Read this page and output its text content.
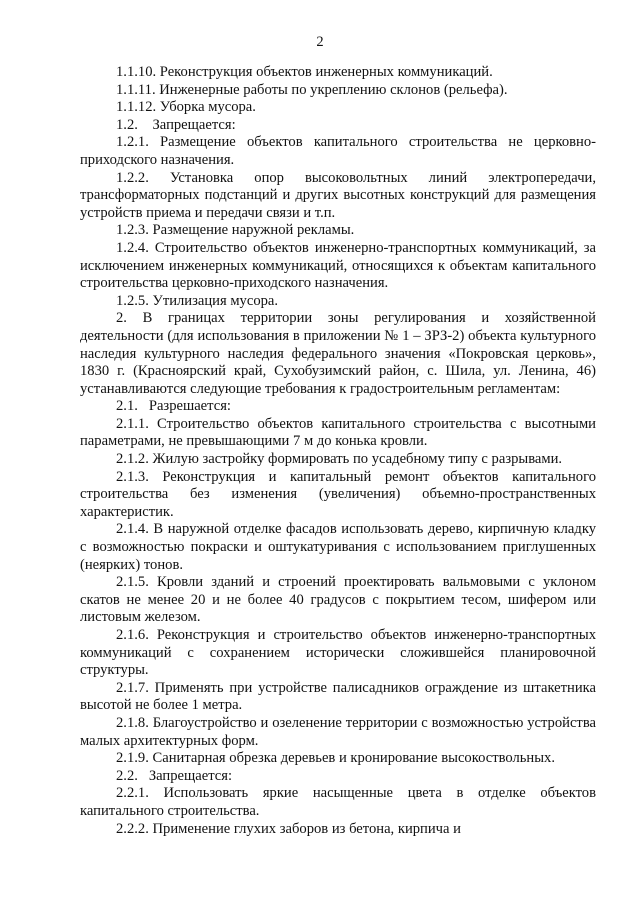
2

1.1.10. Реконструкция объектов инженерных коммуникаций.

1.1.11. Инженерные работы по укреплению склонов (рельефа).

1.1.12. Уборка мусора.

1.2.    Запрещается:

1.2.1. Размещение объектов капитального строительства не церковно-приходского назначения.

1.2.2. Установка опор высоковольтных линий электропередачи, трансформаторных подстанций и других высотных конструкций для размещения устройств приема и передачи связи и т.п.

1.2.3. Размещение наружной рекламы.

1.2.4. Строительство объектов инженерно-транспортных коммуникаций, за исключением инженерных коммуникаций, относящихся к объектам капитального строительства церковно-приходского назначения.

1.2.5. Утилизация мусора.

2. В границах территории зоны регулирования и хозяйственной деятельности (для использования в приложении № 1 – ЗРЗ-2) объекта культурного наследия культурного наследия федерального значения «Покровская церковь», 1830 г. (Красноярский край, Сухобузимский район, с. Шила, ул. Ленина, 46) устанавливаются следующие требования к градостроительным регламентам:

2.1.   Разрешается:

2.1.1. Строительство объектов капитального строительства с высотными параметрами, не превышающими 7 м до конька кровли.

2.1.2. Жилую застройку формировать по усадебному типу с разрывами.

2.1.3. Реконструкция и капитальный ремонт объектов капитального строительства без изменения (увеличения) объемно-пространственных характеристик.

2.1.4. В наружной отделке фасадов использовать дерево, кирпичную кладку с возможностью покраски и оштукатуривания с использованием приглушенных (неярких) тонов.

2.1.5. Кровли зданий и строений проектировать вальмовыми с уклоном скатов не менее 20 и не более 40 градусов с покрытием тесом, шифером или листовым железом.

2.1.6. Реконструкция и строительство объектов инженерно-транспортных коммуникаций с сохранением исторически сложившейся планировочной структуры.

2.1.7. Применять при устройстве палисадников ограждение из штакетника высотой не более 1 метра.

2.1.8. Благоустройство и озеленение территории с возможностью устройства малых архитектурных форм.

2.1.9. Санитарная обрезка деревьев и кронирование высокоствольных.

2.2.   Запрещается:

2.2.1. Использовать яркие насыщенные цвета в отделке объектов капитального строительства.

2.2.2. Применение глухих заборов из бетона, кирпича и
